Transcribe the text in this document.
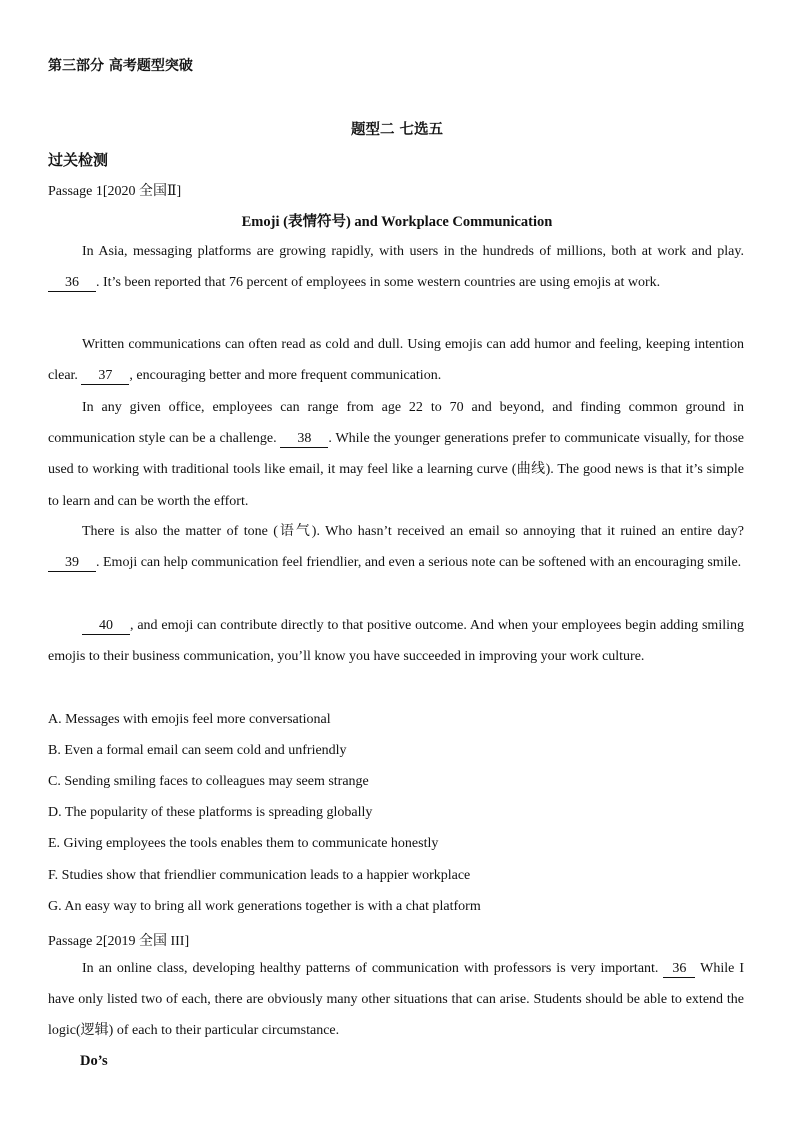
第三部分 高考题型突破
题型二 七选五
过关检测
Passage 1[2020 全国Ⅱ]
Emoji (表情符号) and Workplace Communication
In Asia, messaging platforms are growing rapidly, with users in the hundreds of millions, both at work and play. 36 . It’s been reported that 76 percent of employees in some western countries are using emojis at work.
Written communications can often read as cold and dull. Using emojis can add humor and feeling, keeping intention clear. 37 , encouraging better and more frequent communication.
In any given office, employees can range from age 22 to 70 and beyond, and finding common ground in communication style can be a challenge. 38 . While the younger generations prefer to communicate visually, for those used to working with traditional tools like email, it may feel like a learning curve (曲线). The good news is that it’s simple to learn and can be worth the effort.
There is also the matter of tone (语气). Who hasn’t received an email so annoying that it ruined an entire day? 39 . Emoji can help communication feel friendlier, and even a serious note can be softened with an encouraging smile.
40 , and emoji can contribute directly to that positive outcome. And when your employees begin adding smiling emojis to their business communication, you’ll know you have succeeded in improving your work culture.
A. Messages with emojis feel more conversational
B. Even a formal email can seem cold and unfriendly
C. Sending smiling faces to colleagues may seem strange
D. The popularity of these platforms is spreading globally
E. Giving employees the tools enables them to communicate honestly
F. Studies show that friendlier communication leads to a happier workplace
G. An easy way to bring all work generations together is with a chat platform
Passage 2[2019 全国 III]
In an online class, developing healthy patterns of communication with professors is very important. 36 While I have only listed two of each, there are obviously many other situations that can arise. Students should be able to extend the logic(逻辑) of each to their particular circumstance.
Do’s
